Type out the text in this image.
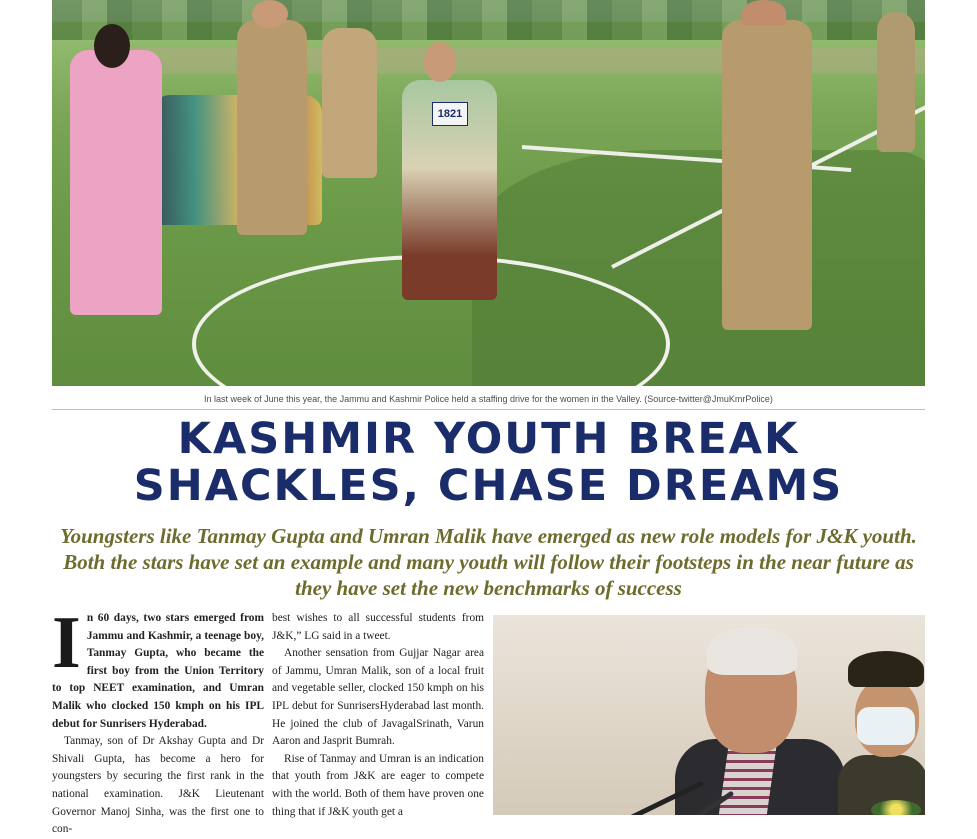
1821
In last week of June this year, the Jammu and Kashmir Police held a staffing drive for the women in the Valley. (Source-twitter@JmuKmrPolice)
KASHMIR YOUTH BREAK
SHACKLES, CHASE DREAMS

Youngsters like Tanmay Gupta and Umran Malik have emerged as new role models for J&K youth. Both the stars have set an example and many youth will follow their footsteps in the near future as they have set the new benchmarks of success

In 60 days, two stars emerged from Jammu and Kashmir, a teenage boy, Tanmay Gupta, who became the first boy from the Union Territory to top NEET examination, and Umran Malik who clocked 150 kmph on his IPL debut for Sunrisers Hyderabad.

Tanmay, son of Dr Akshay Gupta and Dr Shivali Gupta, has become a hero for youngsters by securing the first rank in the national examination. J&K Lieutenant Governor Manoj Sinha, was the first one to con-

best wishes to all successful students from J&K,” LG said in a tweet.

Another sensation from Gujjar Nagar area of Jammu, Umran Malik, son of a local fruit and vegetable seller, clocked 150 kmph on his IPL debut for SunrisersHyderabad last month. He joined the club of JavagalSrinath, Varun Aaron and Jasprit Bumrah.

Rise of Tanmay and Umran is an indication that youth from J&K are eager to compete with the world. Both of them have proven one thing that if J&K youth get a
